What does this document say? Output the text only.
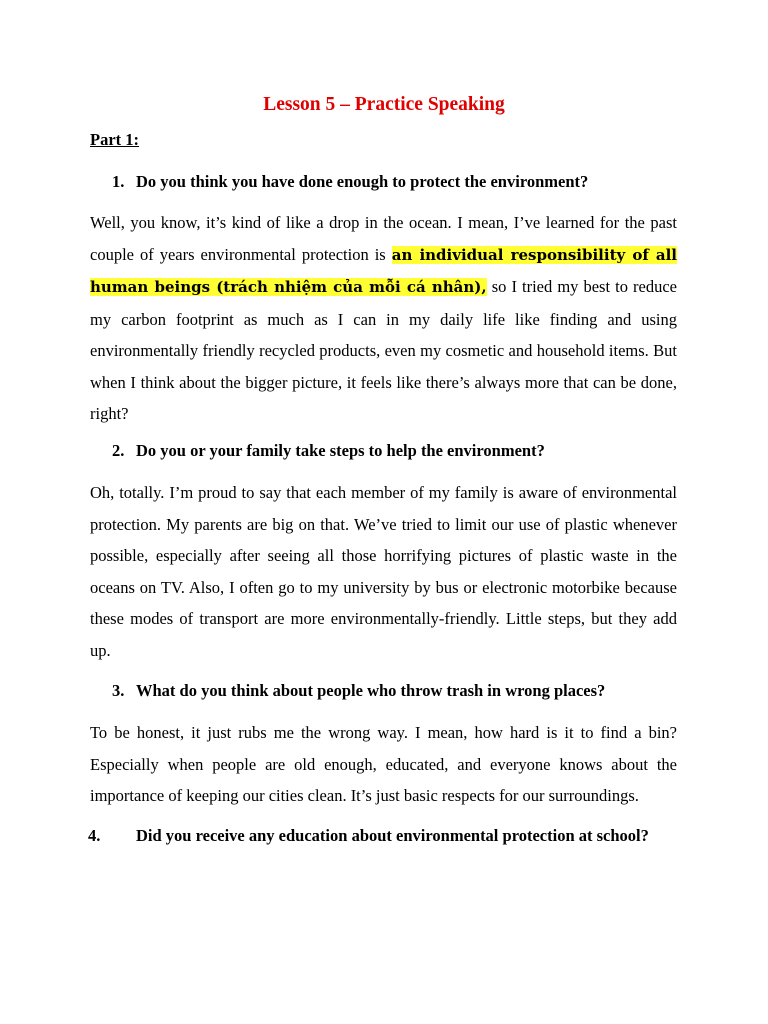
Lesson 5 – Practice Speaking
Part 1:
1. Do you think you have done enough to protect the environment?
Well, you know, it’s kind of like a drop in the ocean. I mean, I’ve learned for the past couple of years environmental protection is an individual responsibility of all human beings (trách nhiệm của mỗi cá nhân), so I tried my best to reduce my carbon footprint as much as I can in my daily life like finding and using environmentally friendly recycled products, even my cosmetic and household items. But when I think about the bigger picture, it feels like there’s always more that can be done, right?
2. Do you or your family take steps to help the environment?
Oh, totally. I’m proud to say that each member of my family is aware of environmental protection. My parents are big on that. We’ve tried to limit our use of plastic whenever possible, especially after seeing all those horrifying pictures of plastic waste in the oceans on TV. Also, I often go to my university by bus or electronic motorbike because these modes of transport are more environmentally-friendly. Little steps, but they add up.
3. What do you think about people who throw trash in wrong places?
To be honest, it just rubs me the wrong way. I mean, how hard is it to find a bin? Especially when people are old enough, educated, and everyone knows about the importance of keeping our cities clean. It’s just basic respects for our surroundings.
4. Did you receive any education about environmental protection at school?
